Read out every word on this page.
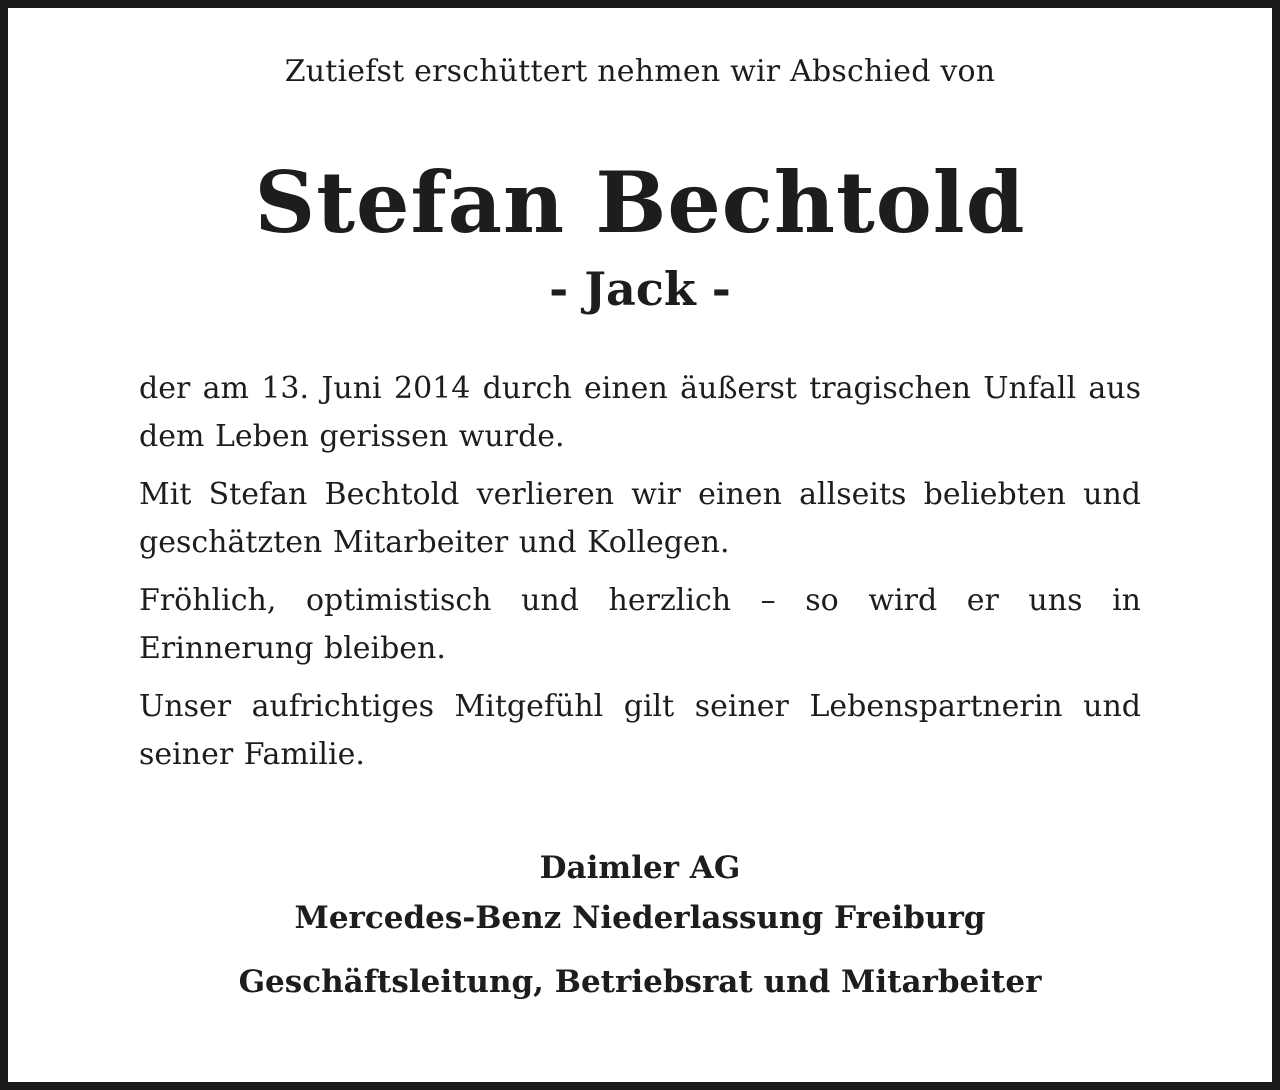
Zutiefst erschüttert nehmen wir Abschied von
Stefan Bechtold
- Jack -

der am 13. Juni 2014 durch einen äußerst tragischen Unfall aus dem Leben gerissen wurde.

Mit Stefan Bechtold verlieren wir einen allseits beliebten und geschätzten Mitarbeiter und Kollegen.

Fröhlich, optimistisch und herzlich – so wird er uns in Erinnerung bleiben.

Unser aufrichtiges Mitgefühl gilt seiner Lebenspartnerin und seiner Familie.

Daimler AG
Mercedes-Benz Niederlassung Freiburg
Geschäftsleitung, Betriebsrat und Mitarbeiter
